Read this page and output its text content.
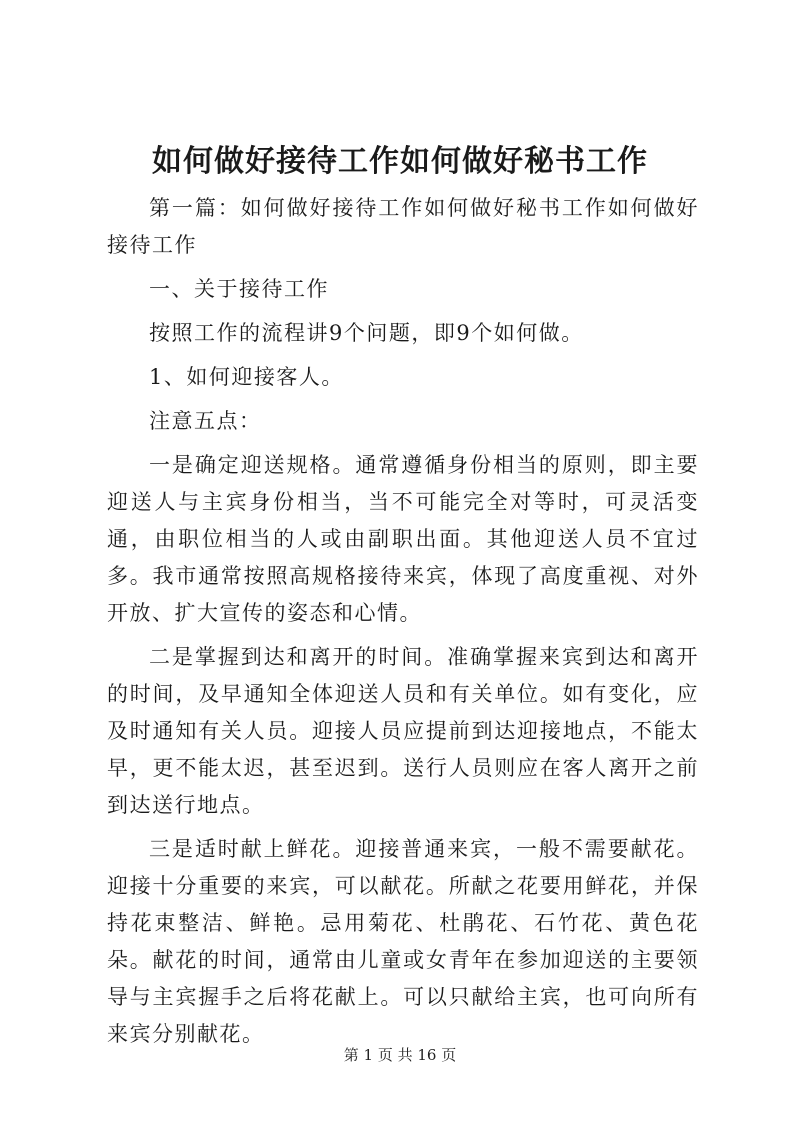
如何做好接待工作如何做好秘书工作

第一篇：如何做好接待工作如何做好秘书工作如何做好接待工作

一、关于接待工作

按照工作的流程讲9个问题，即9个如何做。

1、如何迎接客人。

注意五点：

一是确定迎送规格。通常遵循身份相当的原则，即主要迎送人与主宾身份相当，当不可能完全对等时，可灵活变通，由职位相当的人或由副职出面。其他迎送人员不宜过多。我市通常按照高规格接待来宾，体现了高度重视、对外开放、扩大宣传的姿态和心情。

二是掌握到达和离开的时间。准确掌握来宾到达和离开的时间，及早通知全体迎送人员和有关单位。如有变化，应及时通知有关人员。迎接人员应提前到达迎接地点，不能太早，更不能太迟，甚至迟到。送行人员则应在客人离开之前到达送行地点。

三是适时献上鲜花。迎接普通来宾，一般不需要献花。迎接十分重要的来宾，可以献花。所献之花要用鲜花，并保持花束整洁、鲜艳。忌用菊花、杜鹃花、石竹花、黄色花朵。献花的时间，通常由儿童或女青年在参加迎送的主要领导与主宾握手之后将花献上。可以只献给主宾，也可向所有来宾分别献花。

第 1 页 共 16 页
